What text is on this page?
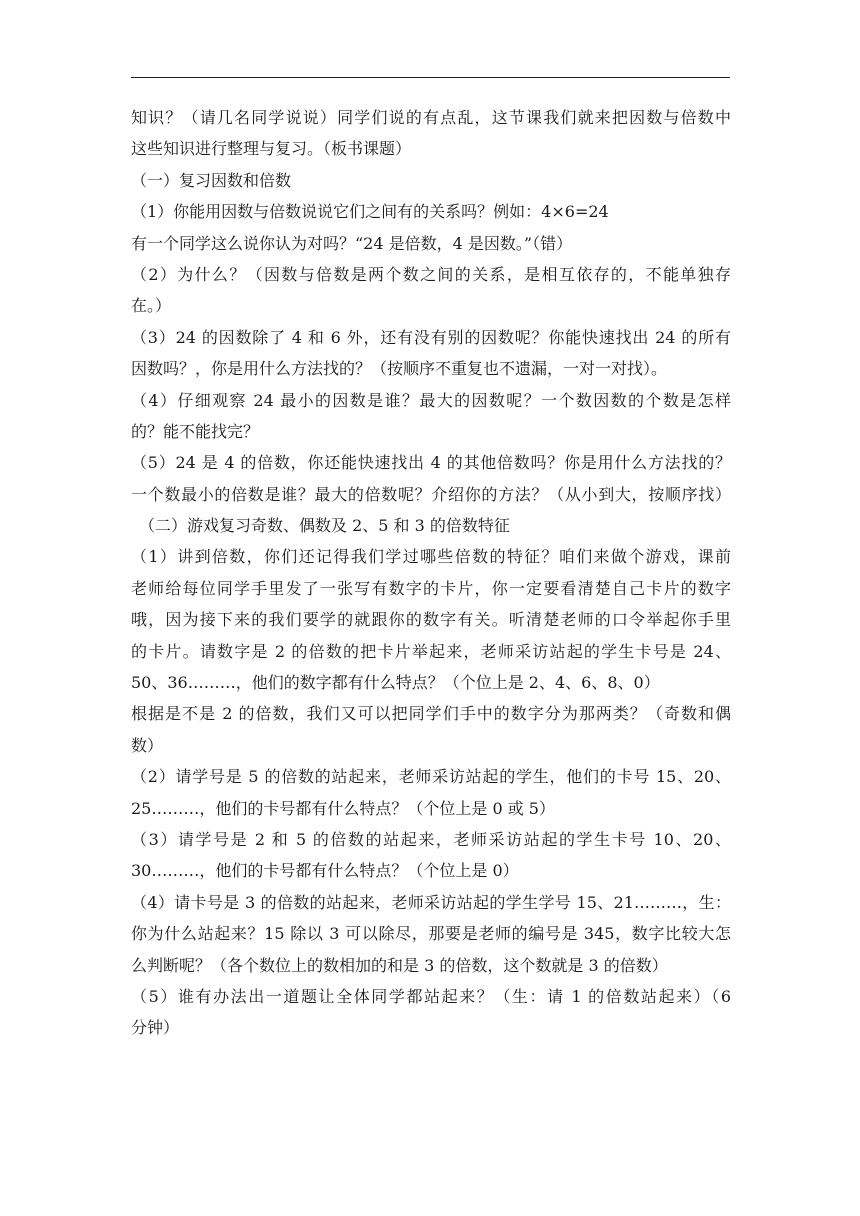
知识？（请几名同学说说）同学们说的有点乱，这节课我们就来把因数与倍数中
这些知识进行整理与复习。（板书课题）
（一）复习因数和倍数
（1）你能用因数与倍数说说它们之间有的关系吗？例如：4×6=24
有一个同学这么说你认为对吗？“24 是倍数，4 是因数。”（错）
（2）为什么？（因数与倍数是两个数之间的关系，是相互依存的，不能单独存
在。）
（3）24 的因数除了 4 和 6 外，还有没有别的因数呢？你能快速找出 24 的所有
因数吗？，你是用什么方法找的？（按顺序不重复也不遗漏，一对一对找）。
（4）仔细观察 24 最小的因数是谁？最大的因数呢？一个数因数的个数是怎样
的？能不能找完？
（5）24 是 4 的倍数，你还能快速找出 4 的其他倍数吗？你是用什么方法找的？
一个数最小的倍数是谁？最大的倍数呢？介绍你的方法？（从小到大，按顺序找）
（二）游戏复习奇数、偶数及 2、5 和 3 的倍数特征
（1）讲到倍数，你们还记得我们学过哪些倍数的特征？咱们来做个游戏，课前
老师给每位同学手里发了一张写有数字的卡片，你一定要看清楚自己卡片的数字
哦，因为接下来的我们要学的就跟你的数字有关。听清楚老师的口令举起你手里
的卡片。请数字是 2 的倍数的把卡片举起来，老师采访站起的学生卡号是 24、
50、36………，他们的数字都有什么特点？（个位上是 2、4、6、8、0）
根据是不是 2 的倍数，我们又可以把同学们手中的数字分为那两类？（奇数和偶
数）
（2）请学号是 5 的倍数的站起来，老师采访站起的学生，他们的卡号 15、20、
25………，他们的卡号都有什么特点？（个位上是 0 或 5）
（3）请学号是 2 和 5 的倍数的站起来，老师采访站起的学生卡号 10、20、
30………，他们的卡号都有什么特点？（个位上是 0）
（4）请卡号是 3 的倍数的站起来，老师采访站起的学生学号 15、21………，生：
你为什么站起来？15 除以 3 可以除尽，那要是老师的编号是 345，数字比较大怎
么判断呢？（各个数位上的数相加的和是 3 的倍数，这个数就是 3 的倍数）
（5）谁有办法出一道题让全体同学都站起来？（生：请 1 的倍数站起来）（6
分钟）
